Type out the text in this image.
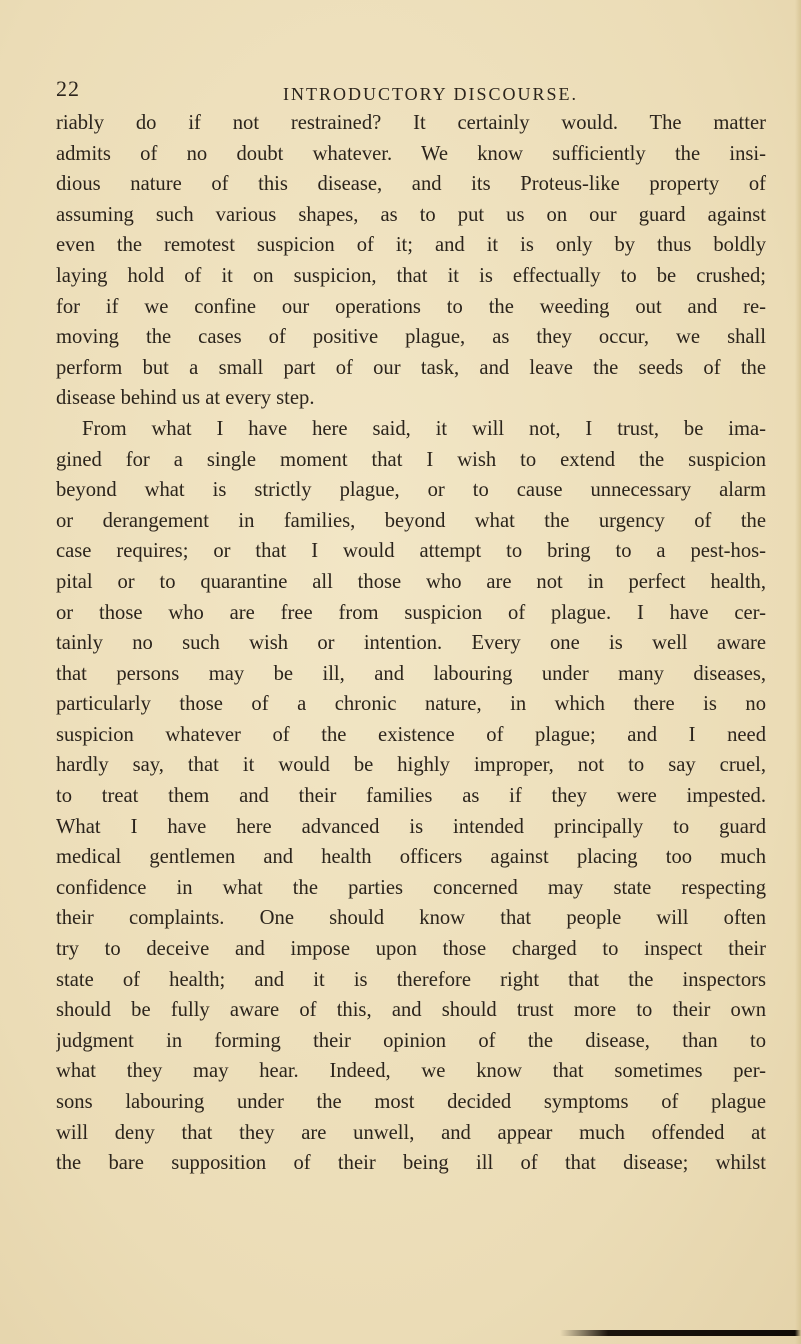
22	INTRODUCTORY DISCOURSE.
riably do if not restrained? It certainly would. The matter
admits of no doubt whatever. We know sufficiently the insi-
dious nature of this disease, and its Proteus-like property of
assuming such various shapes, as to put us on our guard against
even the remotest suspicion of it; and it is only by thus boldly
laying hold of it on suspicion, that it is effectually to be crushed;
for if we confine our operations to the weeding out and re-
moving the cases of positive plague, as they occur, we shall
perform but a small part of our task, and leave the seeds of the
disease behind us at every step.
From what I have here said, it will not, I trust, be ima-
gined for a single moment that I wish to extend the suspicion
beyond what is strictly plague, or to cause unnecessary alarm
or derangement in families, beyond what the urgency of the
case requires; or that I would attempt to bring to a pest-hos-
pital or to quarantine all those who are not in perfect health,
or those who are free from suspicion of plague. I have cer-
tainly no such wish or intention. Every one is well aware
that persons may be ill, and labouring under many diseases,
particularly those of a chronic nature, in which there is no
suspicion whatever of the existence of plague; and I need
hardly say, that it would be highly improper, not to say cruel,
to treat them and their families as if they were impested.
What I have here advanced is intended principally to guard
medical gentlemen and health officers against placing too much
confidence in what the parties concerned may state respecting
their complaints. One should know that people will often
try to deceive and impose upon those charged to inspect their
state of health; and it is therefore right that the inspectors
should be fully aware of this, and should trust more to their own
judgment in forming their opinion of the disease, than to
what they may hear. Indeed, we know that sometimes per-
sons labouring under the most decided symptoms of plague
will deny that they are unwell, and appear much offended at
the bare supposition of their being ill of that disease; whilst
